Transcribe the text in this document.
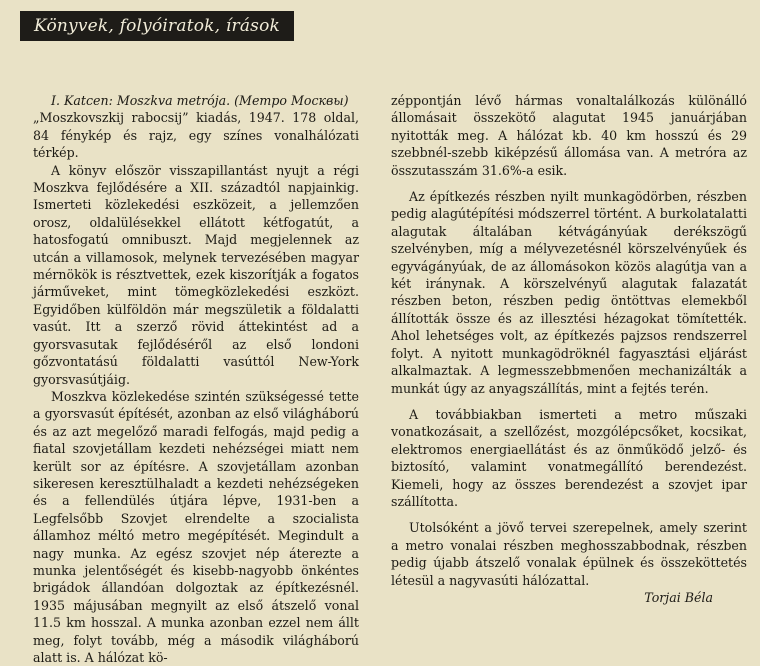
Könyvek, folyóiratok, írások

I. Katcen: Moszkva metrója. (Метро Москвы)

„Moszkovszkij rabocsij” kiadás, 1947. 178 oldal, 84 fénykép és rajz, egy színes vonalhálózati térkép.

A könyv először visszapillantást nyujt a régi Moszkva fejlődésére a XII. századtól napjainkig. Ismerteti közlekedési eszközeit, a jellemzően orosz, oldalülésekkel ellátott kétfogatút, a hatosfogatú omnibuszt. Majd megjelennek az utcán a villamosok, melynek tervezésében magyar mérnökök is résztvettek, ezek kiszorítják a fogatos járműveket, mint tömegközlekedési eszközt. Egyidőben külföldön már megszületik a földalatti vasút. Itt a szerző rövid áttekintést ad a gyorsvasutak fejlődéséről az első londoni gőzvontatású földalatti vasúttól New-York gyorsvasútjáig.

Moszkva közlekedése szintén szükségessé tette a gyorsvasút építését, azonban az első világháború és az azt megelőző maradi felfogás, majd pedig a fiatal szovjetállam kezdeti nehézségei miatt nem került sor az építésre. A szovjetállam azonban sikeresen keresztülhaladt a kezdeti nehézségeken és a fellendülés útjára lépve, 1931-ben a Legfelsőbb Szovjet elrendelte a szocialista államhoz méltó metro megépítését. Megindult a nagy munka. Az egész szovjet nép áterezte a munka jelentőségét és kisebb-nagyobb önkéntes brigádok állandóan dolgoztak az építkezésnél. 1935 májusában megnyilt az első átszelő vonal 11.5 km hosszal. A munka azonban ezzel nem állt meg, folyt tovább, még a második világháború alatt is. A hálózat kö-

zéppontján lévő hármas vonaltalálkozás különálló állomásait összekötő alagutat 1945 januárjában nyitották meg. A hálózat kb. 40 km hosszú és 29 szebbnél-szebb kiképzésű állomása van. A metróra az összutasszám 31.6%-a esik.

Az építkezés részben nyilt munkagödörben, részben pedig alagútépítési módszerrel történt. A burkolatalatti alagutak általában kétvágányúak derékszögű szelvényben, míg a mélyvezetésnél körszelvényűek és egyvágányúak, de az állomásokon közös alagútja van a két iránynak. A körszelvényű alagutak falazatát részben beton, részben pedig öntöttvas elemekből állították össze és az illesztési hézagokat tömítették. Ahol lehetséges volt, az építkezés pajzsos rendszerrel folyt. A nyitott munkagödröknél fagyasztási eljárást alkalmaztak. A legmesszebbmenően mechanizálták a munkát úgy az anyagszállítás, mint a fejtés terén.

A továbbiakban ismerteti a metro műszaki vonatkozásait, a szellőzést, mozgólépcsőket, kocsikat, elektromos energiaellátást és az önműködő jelző- és biztosító, valamint vonatmegállító berendezést. Kiemeli, hogy az összes berendezést a szovjet ipar szállította.

Utolsóként a jövő tervei szerepelnek, amely szerint a metro vonalai részben meghosszabbodnak, részben pedig újabb átszelő vonalak épülnek és összeköttetés létesül a nagyvasúti hálózattal.

Torjai Béla
